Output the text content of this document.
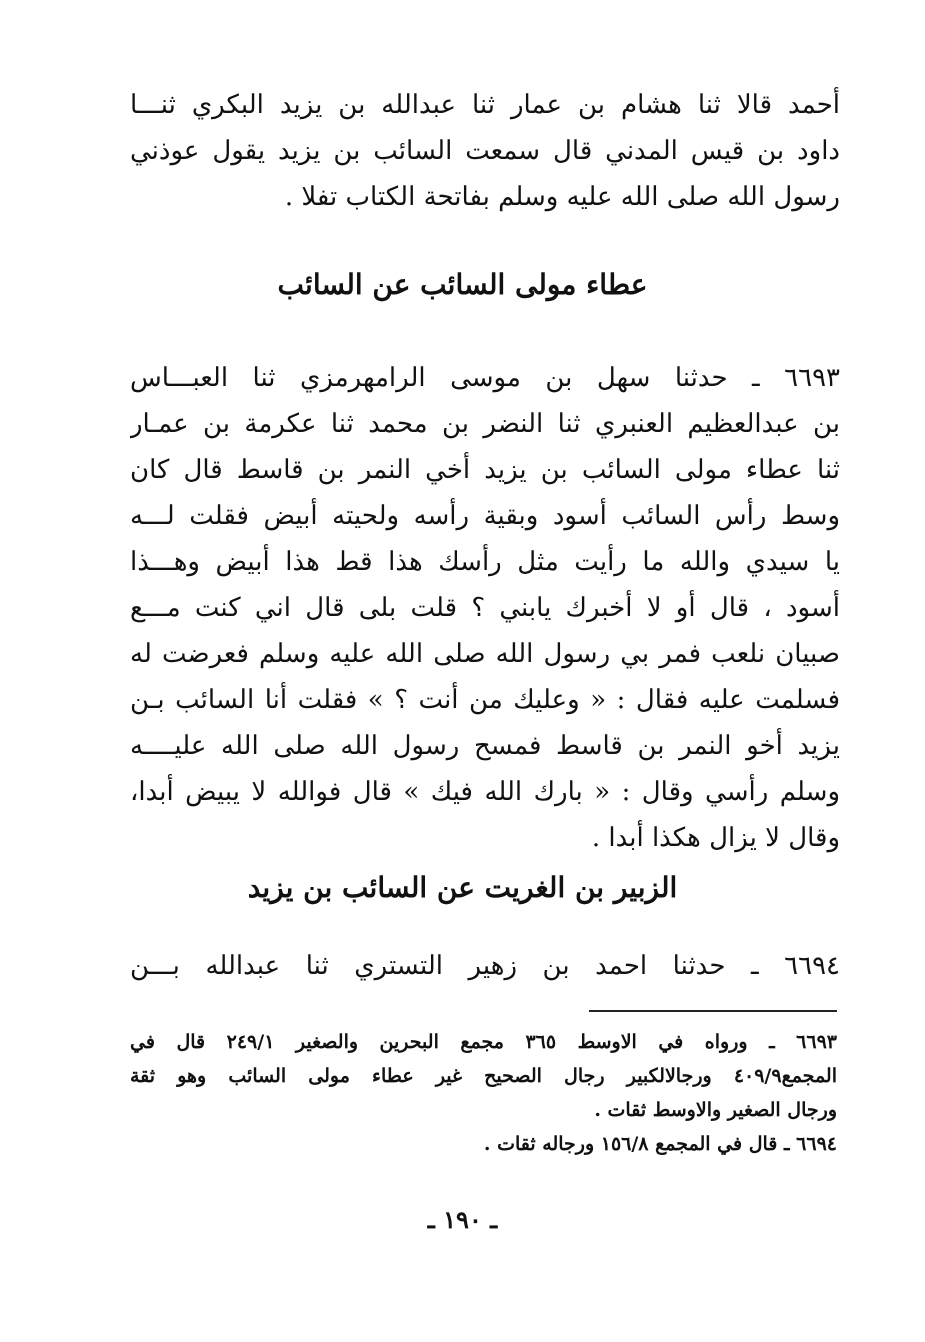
أحمد قالا ثنا هشام بن عمار ثنا عبدالله بن يزيد البكري ثنـــا
داود بن قيس المدني قال سمعت السائب بن يزيد يقول عوذني
رسول الله صلى الله عليه وسلم بفاتحة الكتاب تفلا .
عطاء مولى السائب عن السائب
٦٦٩٣ ـ حدثنا سهل بن موسى الرامهرمزي ثنا العبـــاس
بن عبدالعظيم العنبري ثنا النضر بن محمد ثنا عكرمة بن عمـار
ثنا عطاء مولى السائب بن يزيد أخي النمر بن قاسط قال كان
وسط رأس السائب أسود وبقية رأسه ولحيته أبيض فقلت لـــه
يا سيدي والله ما رأيت مثل رأسك هذا قط هذا أبيض وهـــذا
أسود ، قال أو لا أخبرك يابني ؟ قلت بلى قال اني كنت مـــع
صبيان نلعب فمر بي رسول الله صلى الله عليه وسلم فعرضت له
فسلمت عليه فقال : « وعليك من أنت ؟ » فقلت أنا السائب بـن
يزيد أخو النمر بن قاسط فمسح رسول الله صلى الله عليــــه
وسلم رأسي وقال : « بارك الله فيك » قال فوالله لا يبيض أبدا،
وقال لا يزال هكذا أبدا .
الزبير بن الغريت عن السائب بن يزيد
٦٦٩٤ ـ حدثنا احمد بن زهير التستري ثنا عبدالله بـــن
٦٦٩٣ ـ ورواه في الاوسط ٣٦٥ مجمع البحرين والصغير ٢٤٩/١ قال في
المجمع٤٠٩/٩ ورجالالكبير رجال الصحيح غير عطاء مولى السائب وهو ثقة
ورجال الصغير والاوسط ثقات .
٦٦٩٤ ـ قال في المجمع ١٥٦/٨ ورجاله ثقات .
ـ ١٩٠ ـ
